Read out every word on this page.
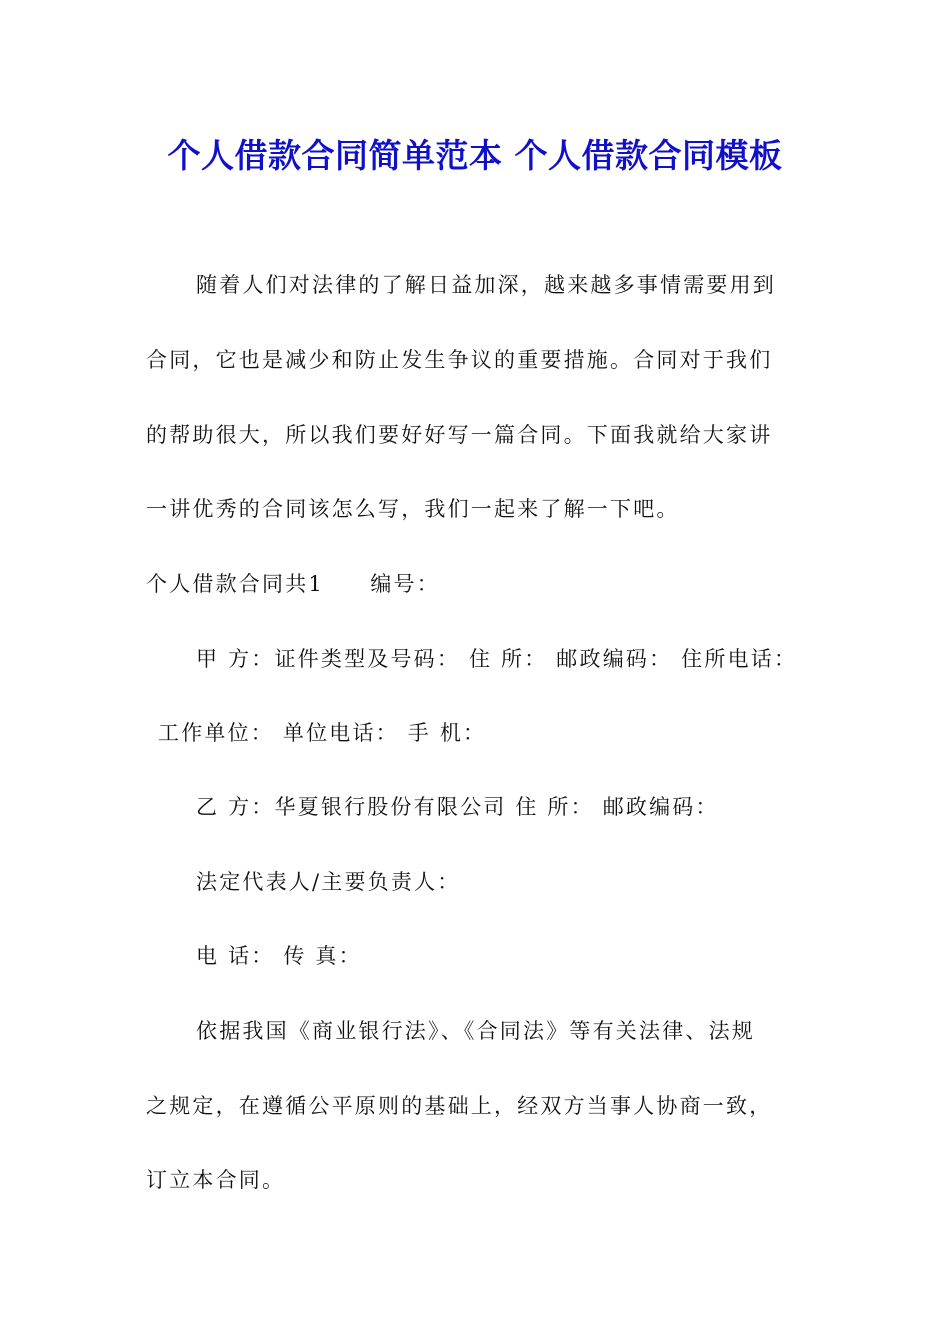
个人借款合同简单范本 个人借款合同模板
随着人们对法律的了解日益加深，越来越多事情需要用到
合同，它也是减少和防止发生争议的重要措施。合同对于我们
的帮助很大，所以我们要好好写一篇合同。下面我就给大家讲
一讲优秀的合同该怎么写，我们一起来了解一下吧。
个人借款合同共1　　编号：
甲 方：证件类型及号码： 住 所： 邮政编码： 住所电话：
工作单位： 单位电话： 手 机：
乙 方：华夏银行股份有限公司 住 所： 邮政编码：
法定代表人/主要负责人：
电 话： 传 真：
依据我国《商业银行法》、《合同法》等有关法律、法规
之规定，在遵循公平原则的基础上，经双方当事人协商一致，
订立本合同。
